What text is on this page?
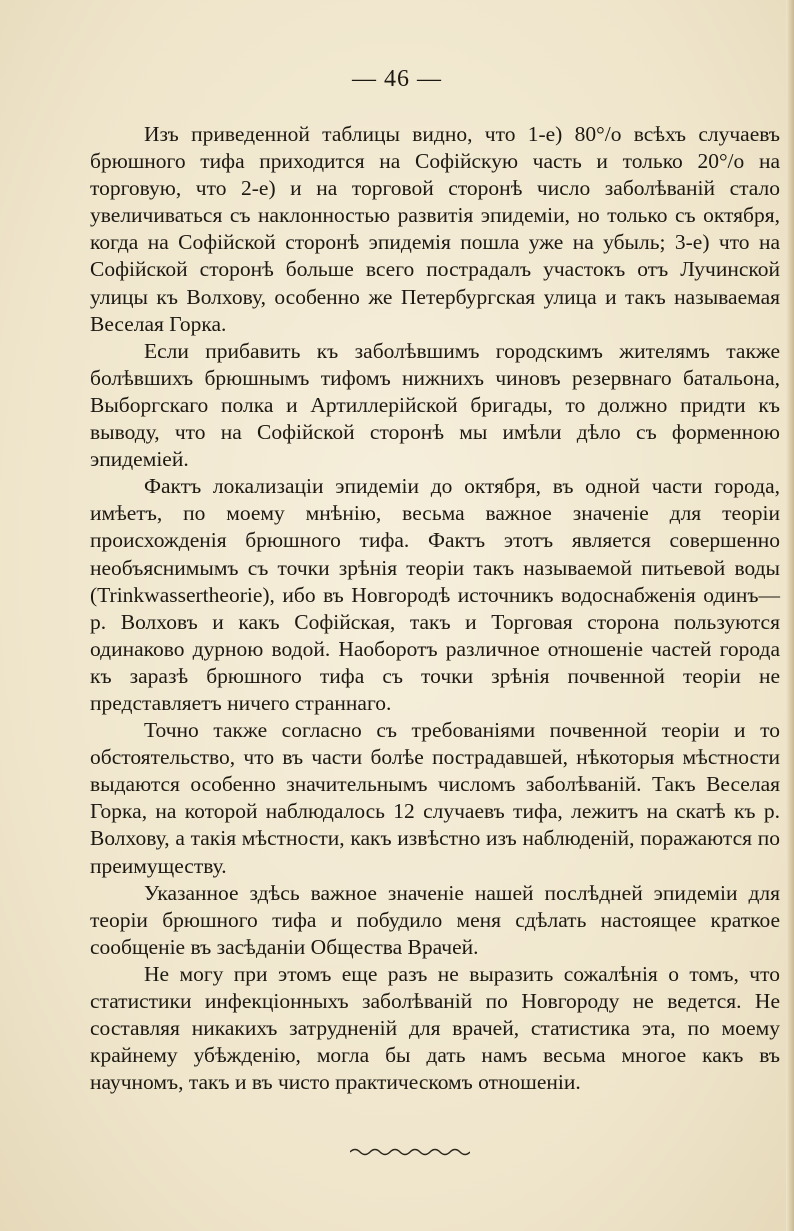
— 46 —

Изъ приведенной таблицы видно, что 1-е) 80°/о всѣхъ случаевъ брюшного тифа приходится на Софійскую часть и только 20°/о на торговую, что 2-е) и на торговой сторонѣ число заболѣваній стало увеличиваться съ наклонностью развитія эпидеміи, но только съ октября, когда на Софійской сторонѣ эпидемія пошла уже на убыль; 3-е) что на Софійской сторонѣ больше всего пострадалъ участокъ отъ Лучинской улицы къ Волхову, особенно же Петербургская улица и такъ называемая Веселая Горка.

Если прибавить къ заболѣвшимъ городскимъ жителямъ также болѣвшихъ брюшнымъ тифомъ нижнихъ чиновъ резервнаго батальона, Выборгскаго полка и Артиллерійской бригады, то должно придти къ выводу, что на Софійской сторонѣ мы имѣли дѣло съ форменною эпидеміей.

Фактъ локализаціи эпидеміи до октября, въ одной части города, имѣетъ, по моему мнѣнію, весьма важное значеніе для теоріи происхожденія брюшного тифа. Фактъ этотъ является совершенно необъяснимымъ съ точки зрѣнія теоріи такъ называемой питьевой воды (Trinkwassertheorie), ибо въ Новгородѣ источникъ водоснабженія одинъ—р. Волховъ и какъ Софійская, такъ и Торговая сторона пользуются одинаково дурною водой. Наоборотъ различное отношеніе частей города къ заразѣ брюшного тифа съ точки зрѣнія почвенной теоріи не представляетъ ничего страннаго.

Точно также согласно съ требованіями почвенной теоріи и то обстоятельство, что въ части болѣе пострадавшей, нѣкоторыя мѣстности выдаются особенно значительнымъ числомъ заболѣваній. Такъ Веселая Горка, на которой наблюдалось 12 случаевъ тифа, лежитъ на скатѣ къ р. Волхову, а такія мѣстности, какъ извѣстно изъ наблюденій, поражаются по преимуществу.

Указанное здѣсь важное значеніе нашей послѣдней эпидеміи для теоріи брюшного тифа и побудило меня сдѣлать настоящее краткое сообщеніе въ засѣданіи Общества Врачей.

Не могу при этомъ еще разъ не выразить сожалѣнія о томъ, что статистики инфекціонныхъ заболѣваній по Новгороду не ведется. Не составляя никакихъ затрудненій для врачей, статистика эта, по моему крайнему убѣжденію, могла бы дать намъ весьма многое какъ въ научномъ, такъ и въ чисто практическомъ отношеніи.
